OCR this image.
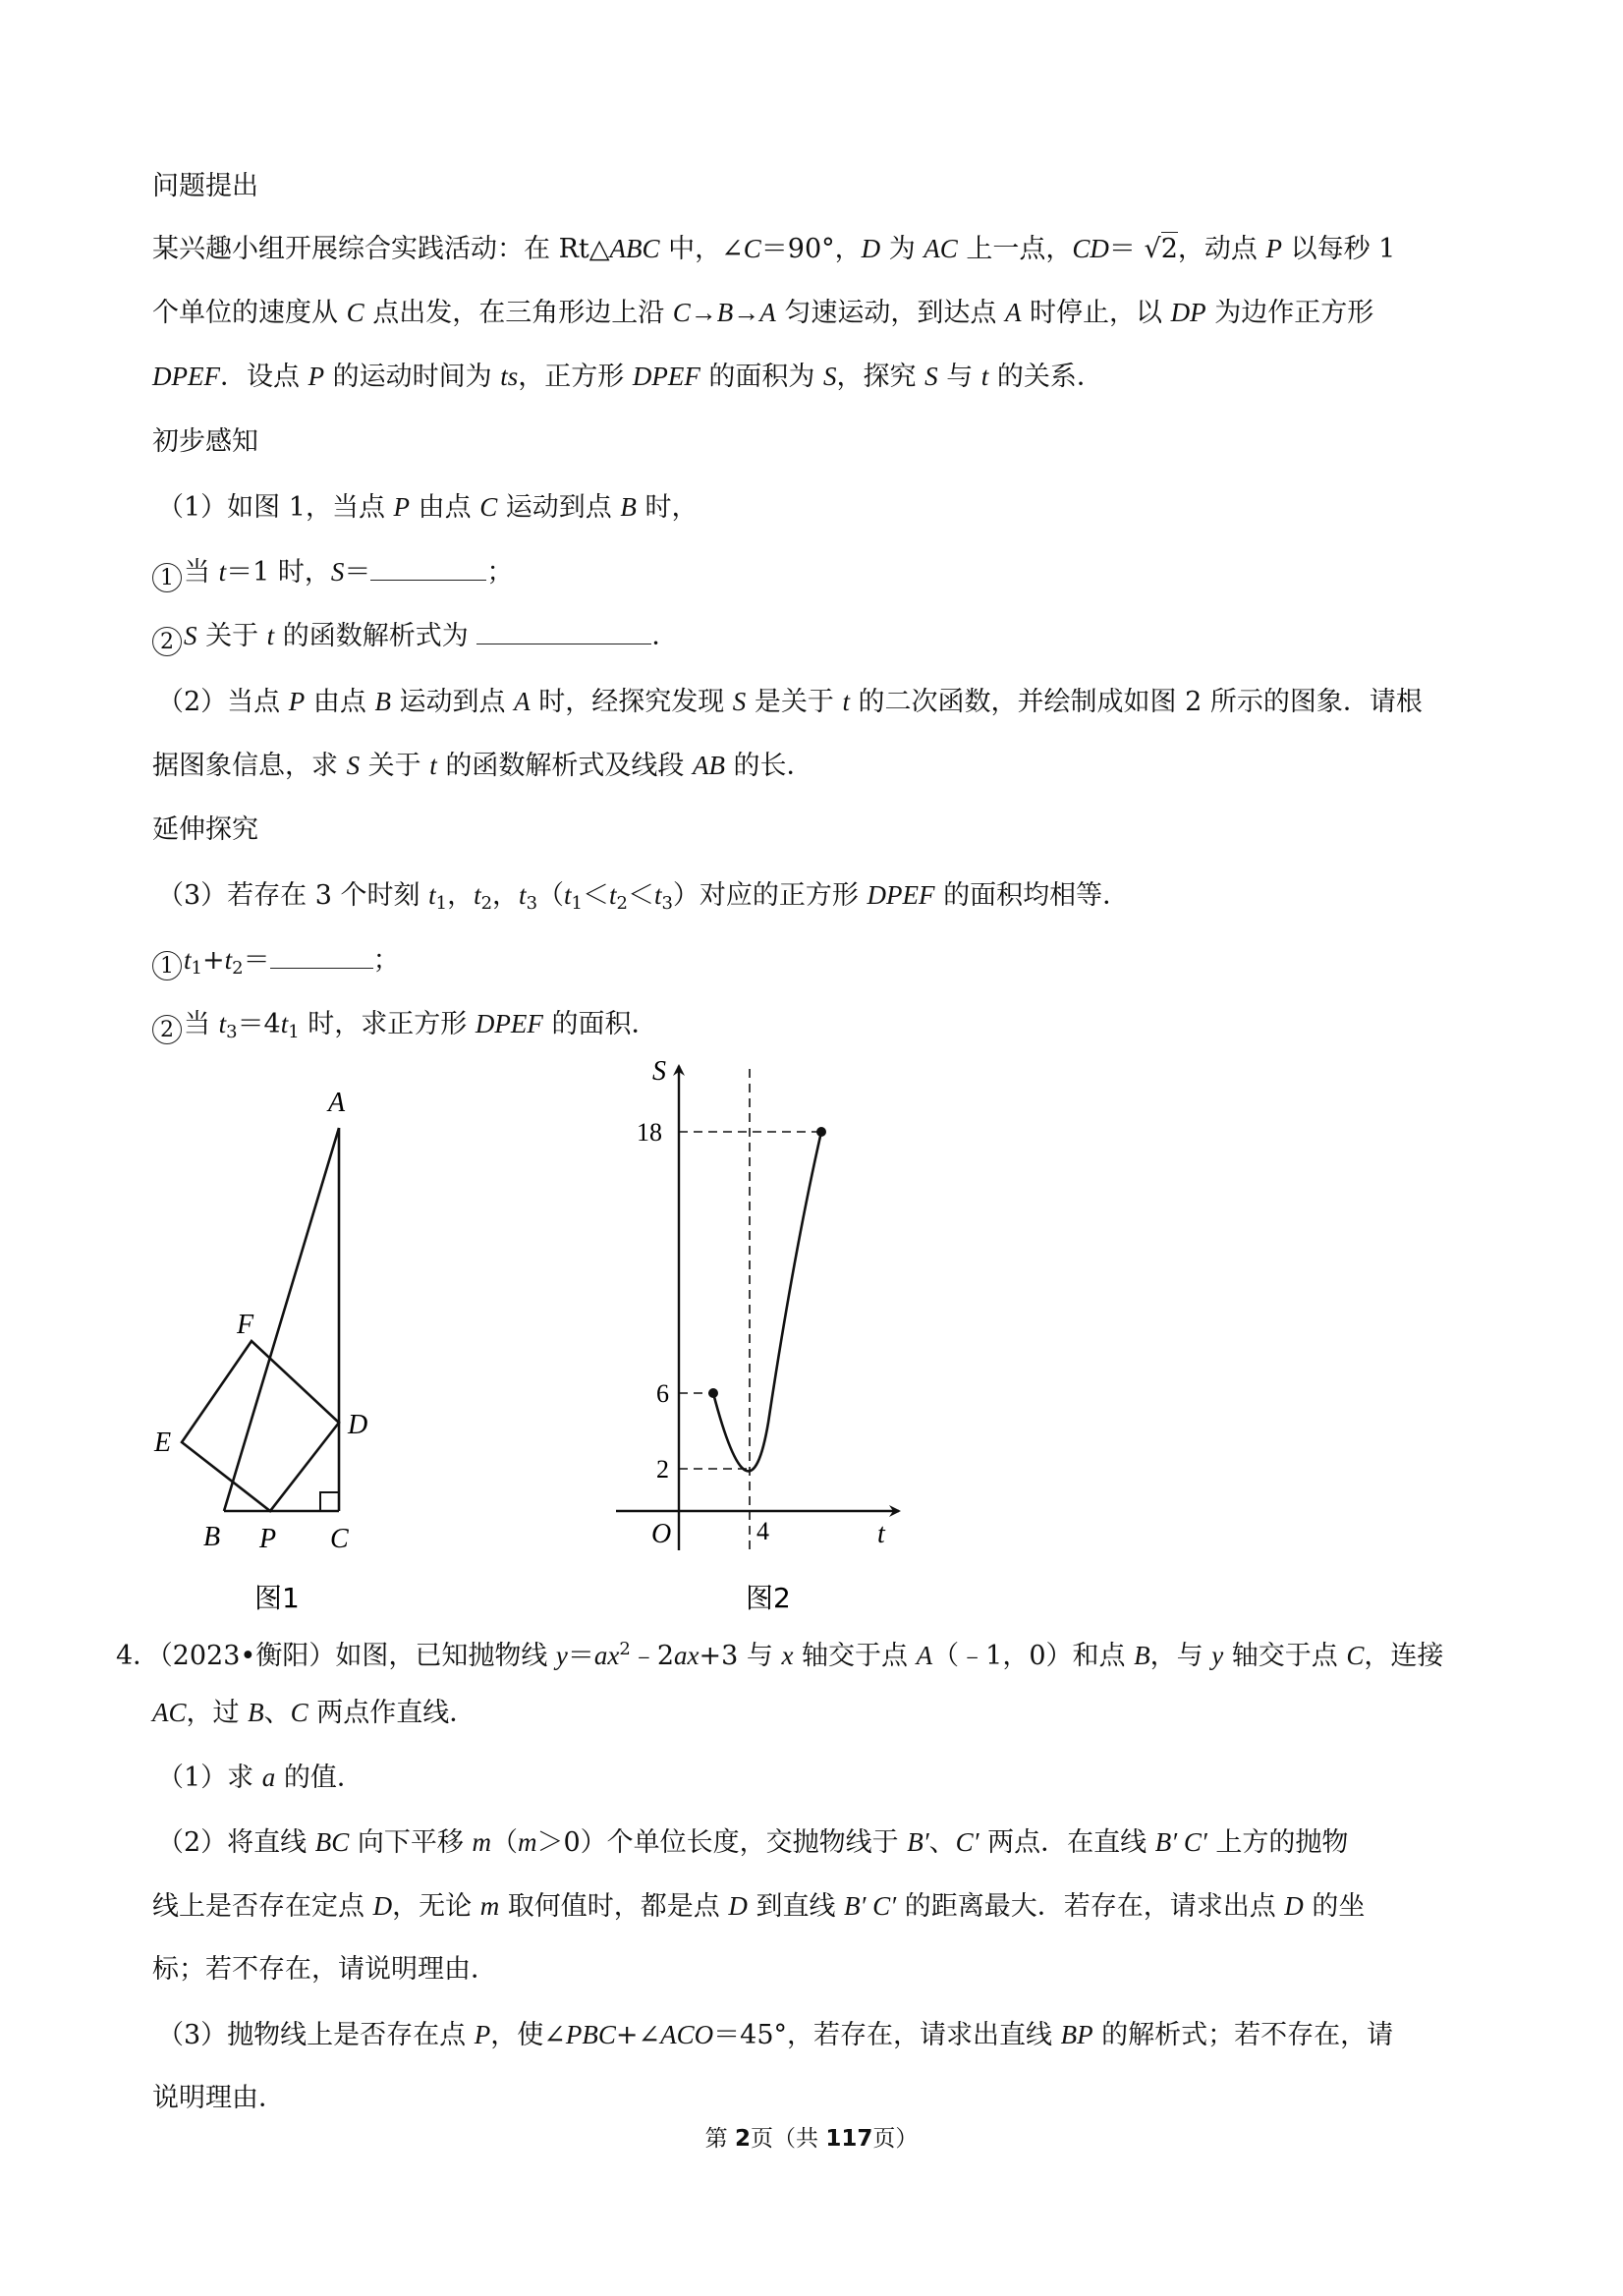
问题提出
某兴趣小组开展综合实践活动：在 Rt△ABC 中，∠C＝90°，D 为 AC 上一点，CD＝ √2，动点 P 以每秒 1
个单位的速度从 C 点出发，在三角形边上沿 C→B→A 匀速运动，到达点 A 时停止，以 DP 为边作正方形
DPEF．设点 P 的运动时间为 ts，正方形 DPEF 的面积为 S，探究 S 与 t 的关系．
初步感知
（1）如图 1，当点 P 由点 C 运动到点 B 时，
1 当 t＝1 时，S＝	；
2 S 关于 t 的函数解析式为	．
（2）当点 P 由点 B 运动到点 A 时，经探究发现 S 是关于 t 的二次函数，并绘制成如图 2 所示的图象．请根
据图象信息，求 S 关于 t 的函数解析式及线段 AB 的长．
延伸探究
（3）若存在 3 个时刻 $t_1$，$t_2$，$t_3(t_1<t_2<t_3)$对应的正方形 DPEF 的面积均相等．
1 $t_1+t_2=$	；
2 当 $t_3=4t_1$ 时，求正方形 DPEF 的面积．
A
F
E
D
B P C
图1
S
t
O
18
6
2
4
图2
4．（2023•衡阳）如图，已知抛物线 $y=ax^2﹣2ax+3$ 与 x 轴交于点 A（﹣1，0）和点 B，与 y 轴交于点 C，连接
AC，过 B、C 两点作直线．
（1）求 a 的值．
（2）将直线 BC 向下平移 m（m＞0）个单位长度，交抛物线于 B′、C′ 两点．在直线 B′ C′ 上方的抛物
线上是否存在定点 D，无论 m 取何值时，都是点 D 到直线 B′ C′ 的距离最大．若存在，请求出点 D 的坐
标；若不存在，请说明理由．
（3）抛物线上是否存在点 P，使∠PBC+∠ACO＝45°，若存在，请求出直线 BP 的解析式；若不存在，请
说明理由．
第 2页（共 117页）
